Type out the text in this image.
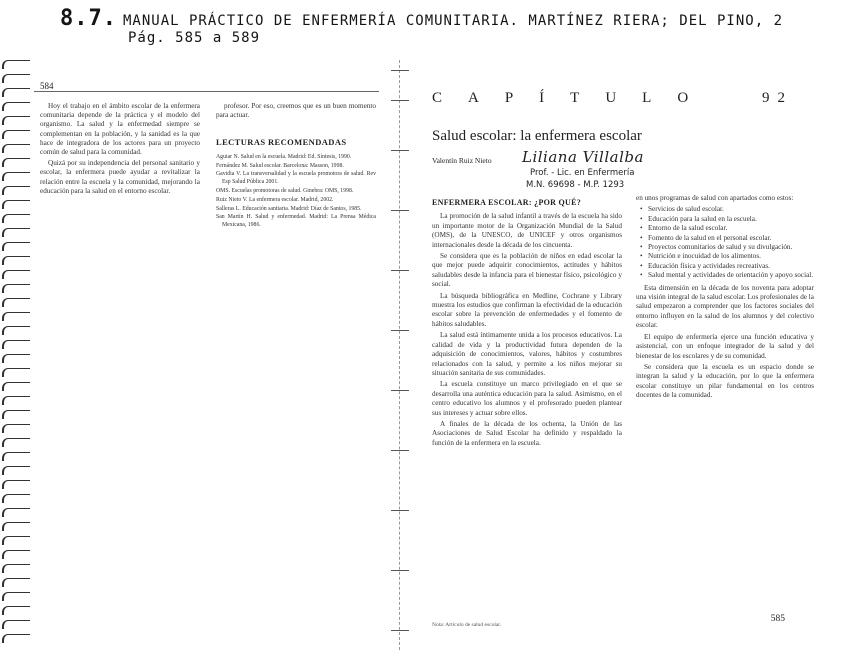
8.7. MANUAL PRÁCTICO DE ENFERMERÍA COMUNITARIA. MARTÍNEZ RIERA; DEL PINO, 2
Pág. 585 a 589
584

Hoy el trabajo en el ámbito escolar de la enfermera comunitaria depende de la práctica y el modelo del organismo. La salud y la enfermedad siempre se complementan en la población, y la sanidad es la que hace de integradora de los actores para un proyecto común de salud para la comunidad.

Quizá por su independencia del personal sanitario y escolar, la enfermera puede ayudar a revitalizar la relación entre la escuela y la comunidad, mejorando la educación para la salud en el entorno escolar.

profesor. Por eso, creemos que es un buen momento para actuar.

LECTURAS RECOMENDADAS

Aguiar N. Salud en la escuela. Madrid: Ed. Síntesis, 1990.

Fernández M. Salud escolar. Barcelona: Masson, 1998.

Gavidia V. La transversalidad y la escuela promotora de salud. Rev Esp Salud Pública 2001.

OMS. Escuelas promotoras de salud. Ginebra: OMS, 1998.

Ruiz Nieto V. La enfermera escolar. Madrid, 2002.

Salleras L. Educación sanitaria. Madrid: Díaz de Santos, 1985.

San Martín H. Salud y enfermedad. Madrid: La Prensa Médica Mexicana, 1986.

CAPÍTULO	92
Salud escolar: la enfermera escolar
Valentín Ruiz Nieto Liliana Villalba
Prof. - Lic. en Enfermería
M.N. 69698 - M.P. 1293
ENFERMERA ESCOLAR: ¿POR QUÉ?

La promoción de la salud infantil a través de la escuela ha sido un importante motor de la Organización Mundial de la Salud (OMS), de la UNESCO, de UNICEF y otros organismos internacionales desde la década de los cincuenta.

Se considera que es la población de niños en edad escolar la que mejor puede adquirir conocimientos, actitudes y hábitos saludables desde la infancia para el bienestar físico, psicológico y social.

La búsqueda bibliográfica en Medline, Cochrane y Library muestra los estudios que confirman la efectividad de la educación escolar sobre la prevención de enfermedades y el fomento de hábitos saludables.

La salud está íntimamente unida a los procesos educativos. La calidad de vida y la productividad futura dependen de la adquisición de conocimientos, valores, hábitos y costumbres relacionados con la salud, y permite a los niños mejorar su situación sanitaria de sus comunidades.

La escuela constituye un marco privilegiado en el que se desarrolla una auténtica educación para la salud. Asimismo, en el centro educativo los alumnos y el profesorado pueden plantear sus intereses y actuar sobre ellos.

A finales de la década de los ochenta, la Unión de las Asociaciones de Salud Escolar ha definido y respaldado la función de la enfermera en la escuela.

en unos programas de salud con apartados como estos:

• Servicios de salud escolar.
• Educación para la salud en la escuela.
• Entorno de la salud escolar.
• Fomento de la salud en el personal escolar.
• Proyectos comunitarios de salud y su divulgación.
• Nutrición e inocuidad de los alimentos.
• Educación física y actividades recreativas.
• Salud mental y actividades de orientación y apoyo social.

Esta dimensión en la década de los noventa para adoptar una visión integral de la salud escolar. Los profesionales de la salud empezaron a comprender que los factores sociales del entorno influyen en la salud de los alumnos y del colectivo escolar.

El equipo de enfermería ejerce una función educativa y asistencial, con un enfoque integrador de la salud y del bienestar de los escolares y de su comunidad.

Se considera que la escuela es un espacio donde se integran la salud y la educación, por lo que la enfermera escolar constituye un pilar fundamental en los centros docentes de la comunidad.

Nota: Artículo de salud escolar.
585
